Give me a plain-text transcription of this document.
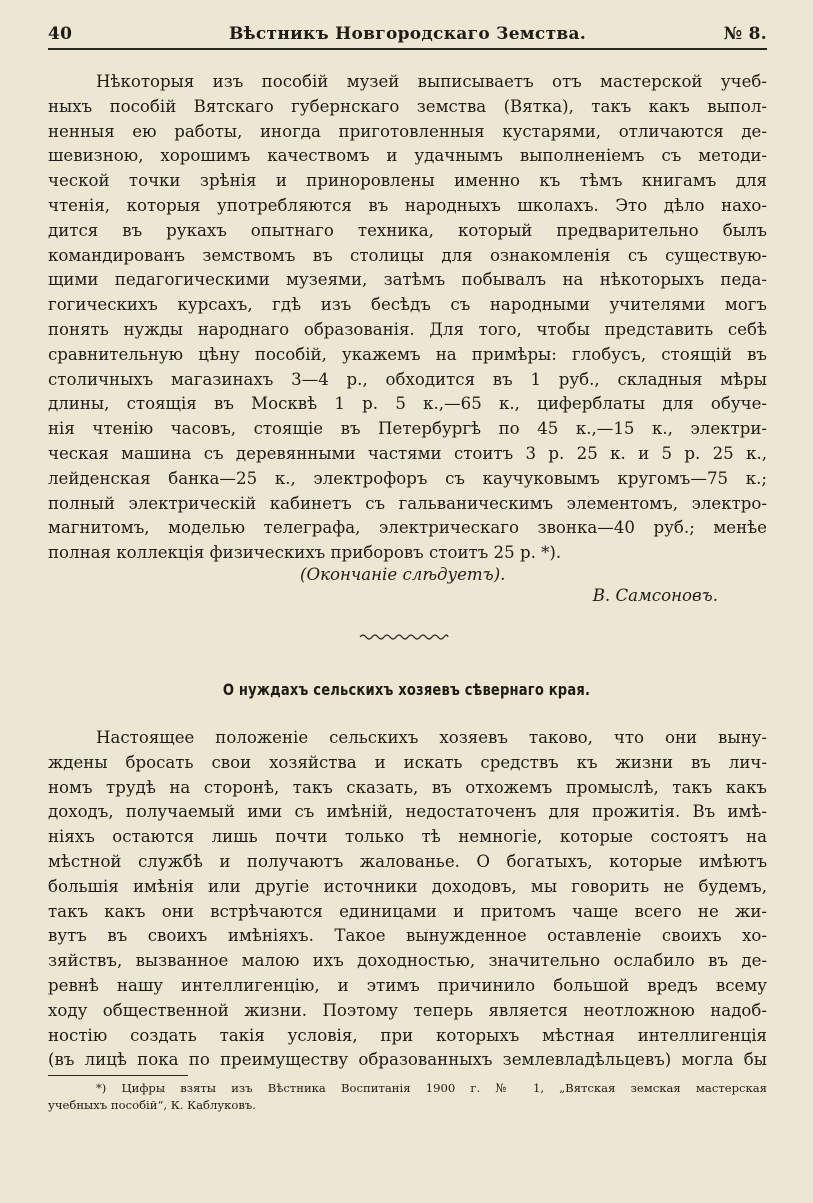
40	Вѣстникъ Новгородскаго Земства.	№ 8.
Нѣкоторыя изъ пособій музей выписываетъ отъ мастерской учеб-
ныхъ пособій Вятскаго губернскаго земства (Вятка), такъ какъ выпол-
ненныя ею работы, иногда приготовленныя кустарями, отличаются де-
шевизною, хорошимъ качествомъ и удачнымъ выполненіемъ съ методи-
ческой точки зрѣнія и приноровлены именно къ тѣмъ книгамъ для
чтенія, которыя употребляются въ народныхъ школахъ. Это дѣло нахо-
дится въ рукахъ опытнаго техника, который предварительно былъ
командированъ земствомъ въ столицы для ознакомленія съ существую-
щими педагогическими музеями, затѣмъ побывалъ на нѣкоторыхъ педа-
гогическихъ курсахъ, гдѣ изъ бесѣдъ съ народными учителями могъ
понять нужды народнаго образованія. Для того, чтобы представить себѣ
сравнительную цѣну пособій, укажемъ на примѣры: глобусъ, стоящій въ
столичныхъ магазинахъ 3—4 р., обходится въ 1 руб., складныя мѣры
длины, стоящія въ Москвѣ 1 р. 5 к.,—65 к., циферблаты для обуче-
нія чтенію часовъ, стоящіе въ Петербургѣ по 45 к.,—15 к., электри-
ческая машина съ деревянными частями стоитъ 3 р. 25 к. и 5 р. 25 к.,
лейденская банка—25 к., электрофоръ съ каучуковымъ кругомъ—75 к.;
полный электрическій кабинетъ съ гальваническимъ элементомъ, электро-
магнитомъ, моделью телеграфа, электрическаго звонка—40 руб.; менѣе
полная коллекція физическихъ приборовъ стоитъ 25 р. *).
(Окончаніе слѣдуетъ).
В. Самсоновъ.
О нуждахъ сельскихъ хозяевъ сѣвернаго края.
Настоящее положеніе сельскихъ хозяевъ таково, что они выну-
ждены бросать свои хозяйства и искать средствъ къ жизни въ лич-
номъ трудѣ на сторонѣ, такъ сказать, въ отхожемъ промыслѣ, такъ какъ
доходъ, получаемый ими съ имѣній, недостаточенъ для прожитія. Въ имѣ-
ніяхъ остаются лишь почти только тѣ немногіе, которые состоятъ на
мѣстной службѣ и получаютъ жалованье. О богатыхъ, которые имѣютъ
большія имѣнія или другіе источники доходовъ, мы говорить не будемъ,
такъ какъ они встрѣчаются единицами и притомъ чаще всего не жи-
вутъ въ своихъ имѣніяхъ. Такое вынужденное оставленіе своихъ хо-
зяйствъ, вызванное малою ихъ доходностью, значительно ослабило въ де-
ревнѣ нашу интеллигенцію, и этимъ причинило большой вредъ всему
ходу общественной жизни. Поэтому теперь является неотложною надоб-
ностію создать такія условія, при которыхъ мѣстная интеллигенція
(въ лицѣ пока по преимуществу образованныхъ землевладѣльцевъ) могла бы
*) Цифры взяты изъ Вѣстника Воспитанія 1900 г. № 1, „Вятская земская мастерская
учебныхъ пособій“, К. Каблуковъ.
